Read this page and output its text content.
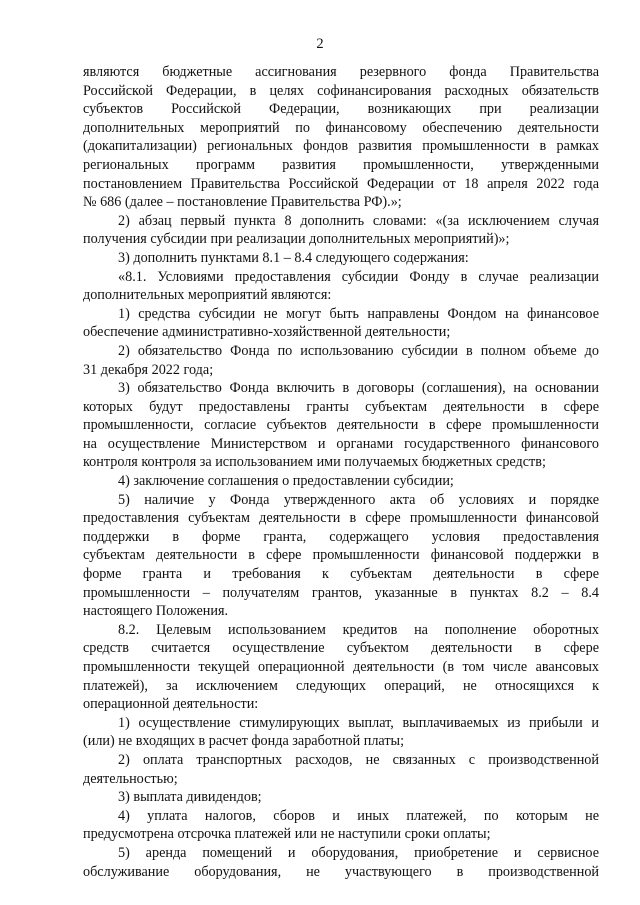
2
являются бюджетные ассигнования резервного фонда Правительства
Российской Федерации, в целях софинансирования расходных обязательств
субъектов Российской Федерации, возникающих при реализации
дополнительных мероприятий по финансовому обеспечению деятельности
(докапитализации) региональных фондов развития промышленности в рамках
региональных программ развития промышленности, утвержденными
постановлением Правительства Российской Федерации от 18 апреля 2022 года
№ 686 (далее – постановление Правительства РФ).»;
2) абзац первый пункта 8 дополнить словами: «(за исключением случая
получения субсидии при реализации дополнительных мероприятий)»;
3) дополнить пунктами 8.1 – 8.4 следующего содержания:
«8.1. Условиями предоставления субсидии Фонду в случае реализации
дополнительных мероприятий являются:
1) средства субсидии не могут быть направлены Фондом на финансовое
обеспечение административно-хозяйственной деятельности;
2) обязательство Фонда по использованию субсидии в полном объеме до
31 декабря 2022 года;
3) обязательство Фонда включить в договоры (соглашения), на основании
которых будут предоставлены гранты субъектам деятельности в сфере
промышленности, согласие субъектов деятельности в сфере промышленности
на осуществление Министерством и органами государственного финансового
контроля контроля за использованием ими получаемых бюджетных средств;
4) заключение соглашения о предоставлении субсидии;
5) наличие у Фонда утвержденного акта об условиях и порядке
предоставления субъектам деятельности в сфере промышленности финансовой
поддержки в форме гранта, содержащего условия предоставления
субъектам деятельности в сфере промышленности финансовой поддержки в
форме гранта и требования к субъектам деятельности в сфере
промышленности – получателям грантов, указанные в пунктах 8.2 – 8.4
настоящего Положения.
8.2. Целевым использованием кредитов на пополнение оборотных
средств считается осуществление субъектом деятельности в сфере
промышленности текущей операционной деятельности (в том числе авансовых
платежей), за исключением следующих операций, не относящихся к
операционной деятельности:
1) осуществление стимулирующих выплат, выплачиваемых из прибыли и
(или) не входящих в расчет фонда заработной платы;
2) оплата транспортных расходов, не связанных с производственной
деятельностью;
3) выплата дивидендов;
4) уплата налогов, сборов и иных платежей, по которым не
предусмотрена отсрочка платежей или не наступили сроки оплаты;
5) аренда помещений и оборудования, приобретение и сервисное
обслуживание оборудования, не участвующего в производственной
